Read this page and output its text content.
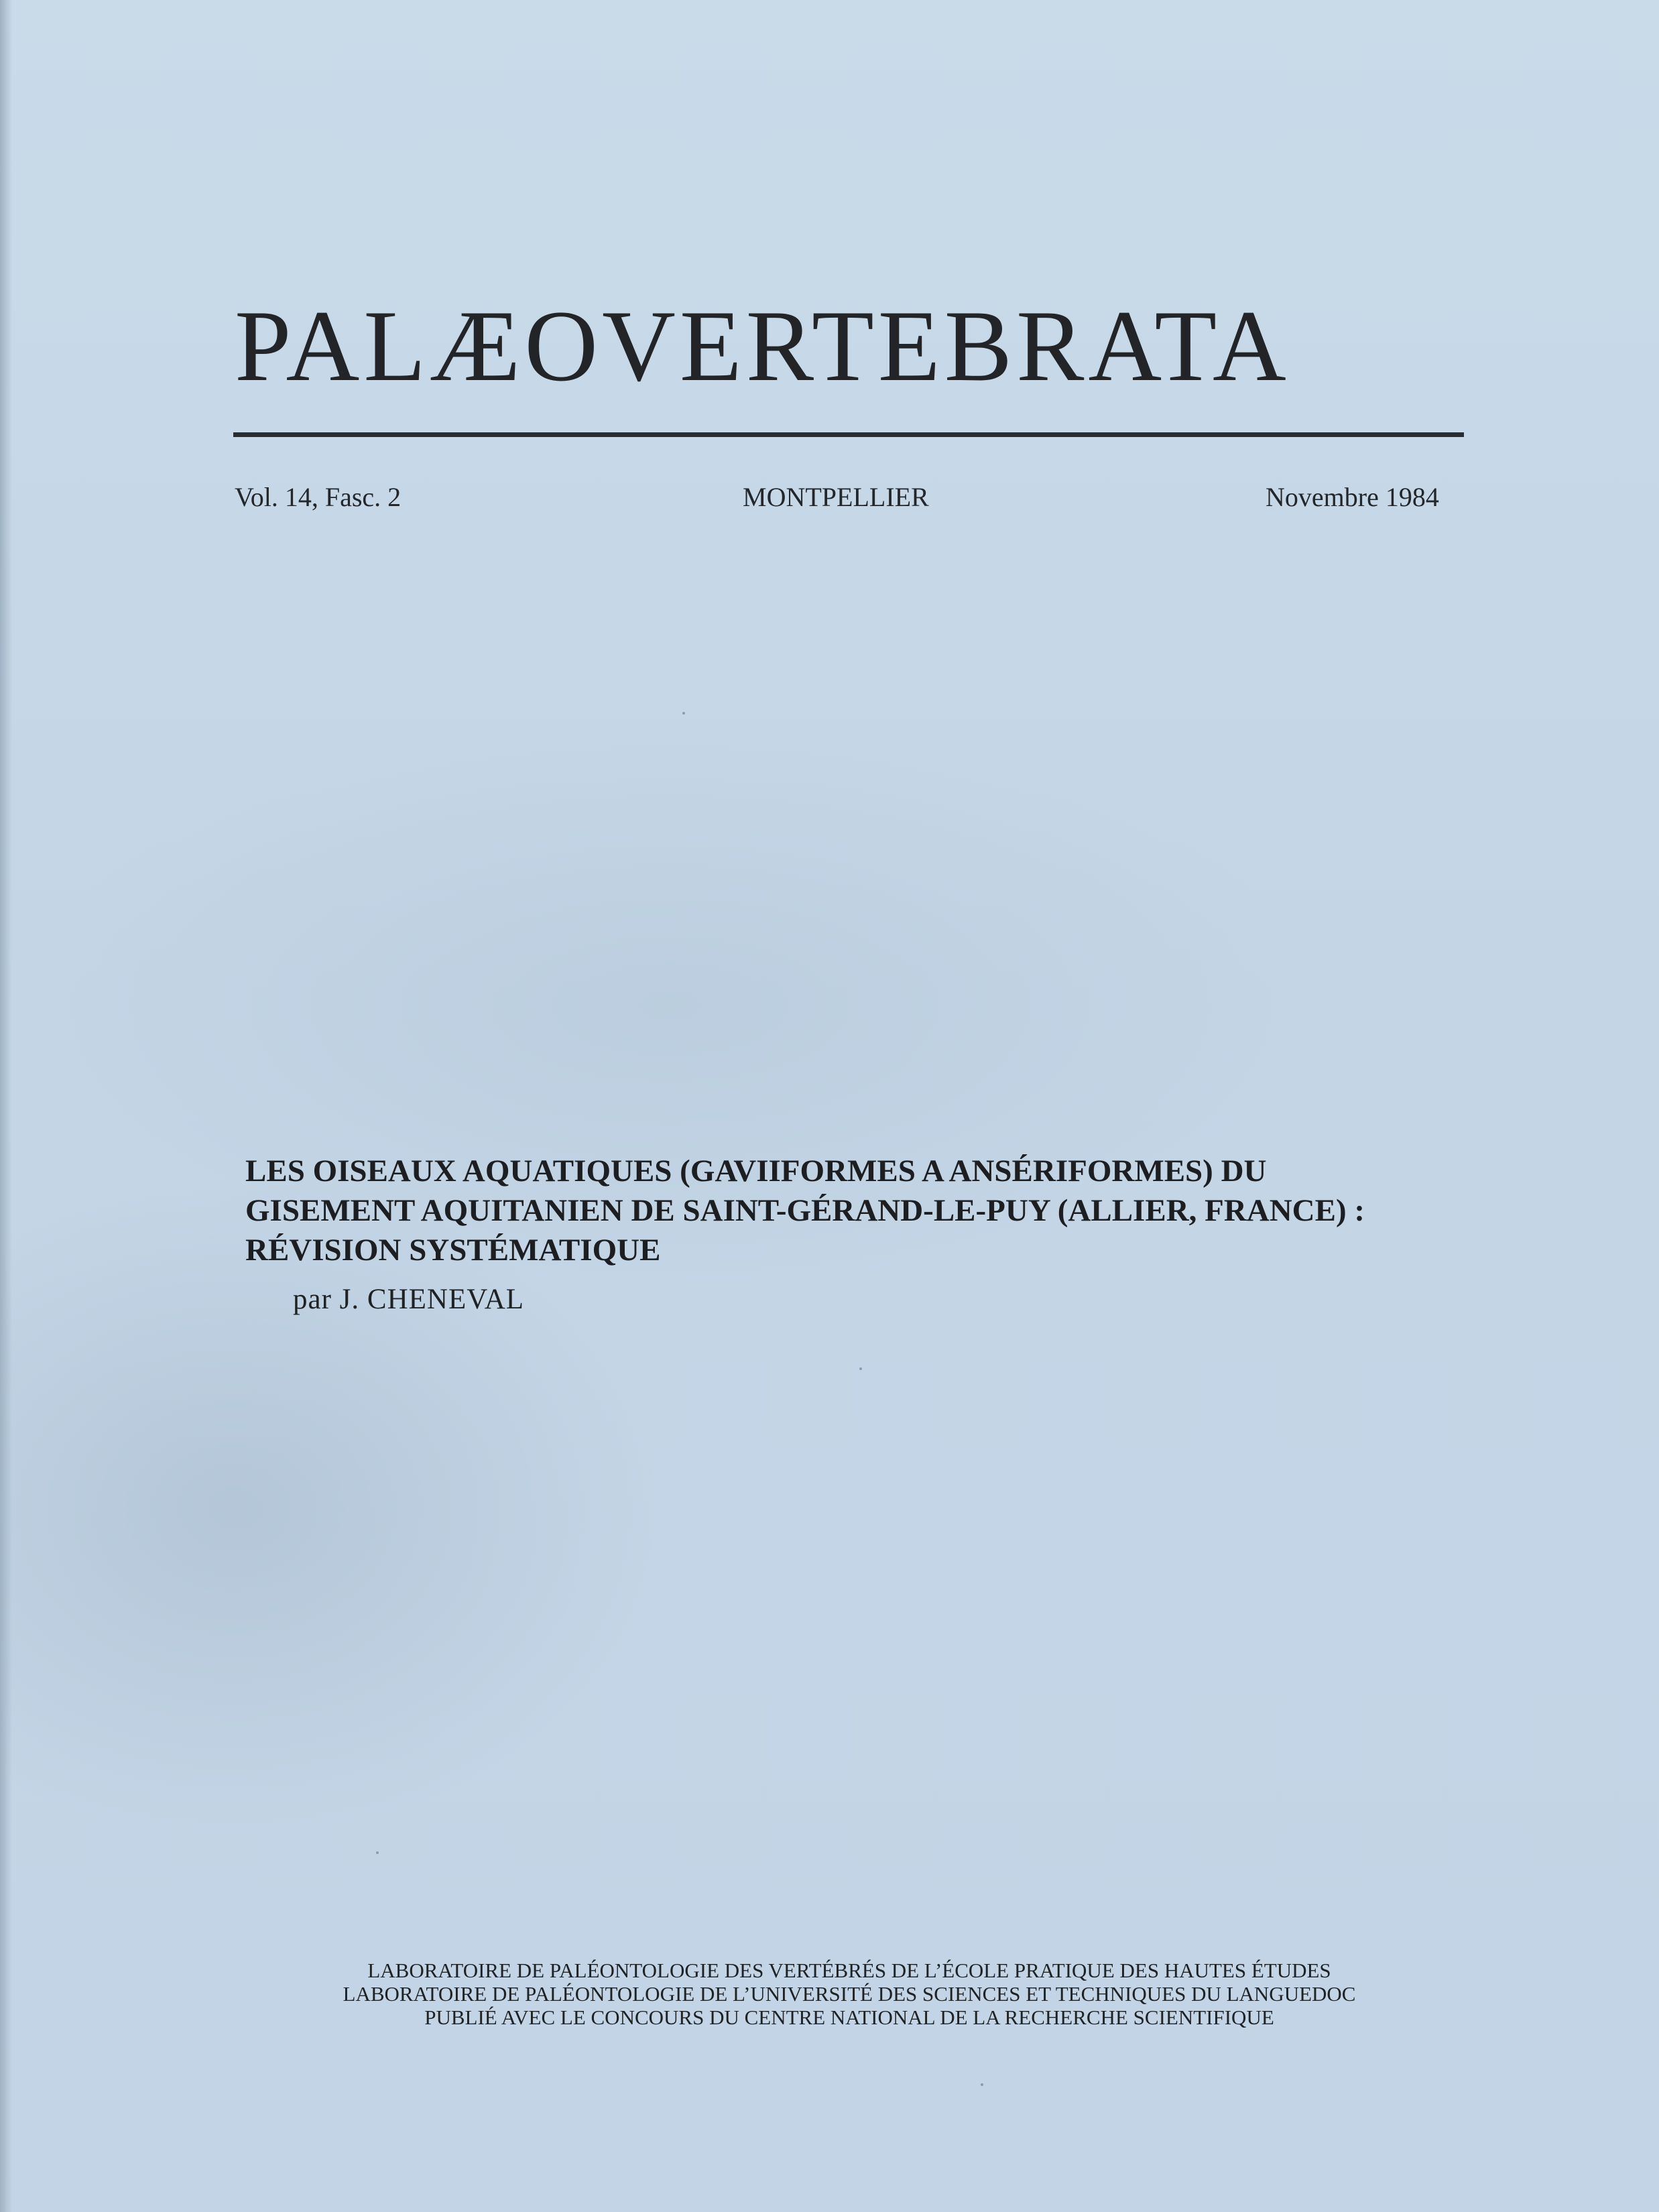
PALÆOVERTEBRATA
Vol. 14, Fasc. 2	MONTPELLIER	Novembre 1984
LES OISEAUX AQUATIQUES (GAVIIFORMES A ANSÉRIFORMES) DU
GISEMENT AQUITANIEN DE SAINT-GÉRAND-LE-PUY (ALLIER, FRANCE) :
RÉVISION SYSTÉMATIQUE
par J. CHENEVAL
LABORATOIRE DE PALÉONTOLOGIE DES VERTÉBRÉS DE L’ÉCOLE PRATIQUE DES HAUTES ÉTUDES
LABORATOIRE DE PALÉONTOLOGIE DE L’UNIVERSITÉ DES SCIENCES ET TECHNIQUES DU LANGUEDOC
PUBLIÉ AVEC LE CONCOURS DU CENTRE NATIONAL DE LA RECHERCHE SCIENTIFIQUE
